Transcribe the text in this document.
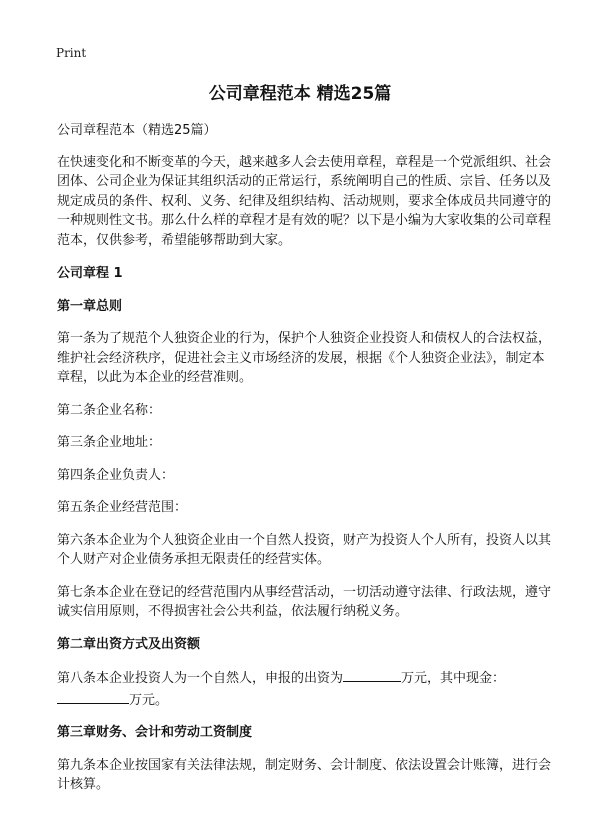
Print
公司章程范本 精选25篇

公司章程范本（精选25篇）

在快速变化和不断变革的今天，越来越多人会去使用章程，章程是一个党派组织、社会团体、公司企业为保证其组织活动的正常运行，系统阐明自己的性质、宗旨、任务以及规定成员的条件、权利、义务、纪律及组织结构、活动规则，要求全体成员共同遵守的一种规则性文书。那么什么样的章程才是有效的呢？以下是小编为大家收集的公司章程范本，仅供参考，希望能够帮助到大家。

公司章程 1

第一章总则

第一条为了规范个人独资企业的行为，保护个人独资企业投资人和债权人的合法权益，维护社会经济秩序，促进社会主义市场经济的发展，根据《个人独资企业法》，制定本章程，以此为本企业的经营准则。

第二条企业名称：

第三条企业地址：

第四条企业负责人：

第五条企业经营范围：

第六条本企业为个人独资企业由一个自然人投资，财产为投资人个人所有，投资人以其个人财产对企业债务承担无限责任的经营实体。

第七条本企业在登记的经营范围内从事经营活动，一切活动遵守法律、行政法规，遵守诚实信用原则，不得损害社会公共利益，依法履行纳税义务。

第二章出资方式及出资额

第八条本企业投资人为一个自然人，申报的出资为	万元，其中现金：万元。

第三章财务、会计和劳动工资制度

第九条本企业按国家有关法律法规，制定财务、会计制度、依法设置会计账簿，进行会计核算。
